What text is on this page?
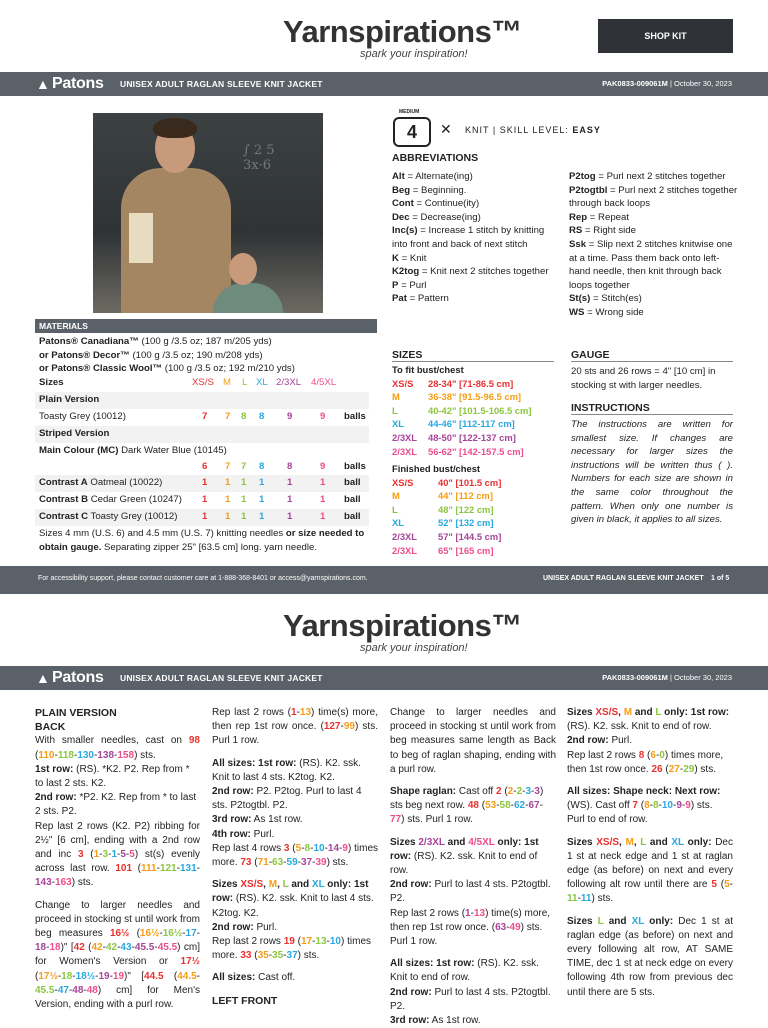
Yarnspirations™
spark your inspiration!
SHOP KIT
▲ Patons UNISEX ADULT RAGLAN SLEEVE KNIT JACKET	PAK0833-009061M | October 30, 2023
∫ 2 5
3x·6
MATERIALS
Patons® Canadiana™ (100 g /3.5 oz; 187 m/205 yds)
or Patons® Decor™ (100 g /3.5 oz; 190 m/208 yds)
or Patons® Classic Wool™ (100 g /3.5 oz; 192 m/210 yds)
Sizes	XS/S M L XL 2/3XL 4/5XL
Plain Version
Toasty Grey (10012)	7 7 8 8 9	9 balls
Striped Version
Main Colour (MC) Dark Water Blue (10145)
6 7 7 8 8	9 balls
Contrast A Oatmeal (10022)	1 1 1 1 1	1 ball
Contrast B Cedar Green (10247) 1 1 1 1 1	1 ball
Contrast C Toasty Grey (10012)	1 1 1 1 1	1 ball
Sizes 4 mm (U.S. 6) and 4.5 mm (U.S. 7) knitting needles or size needed to obtain gauge. Separating zipper 25" [63.5 cm] long. yarn needle.
MEDIUM
4	✕ KNIT | SKILL LEVEL: EASY
ABBREVIATIONS
Alt = Alternate(ing)
Beg = Beginning.
Cont = Continue(ity)
Dec = Decrease(ing)
Inc(s) = Increase 1 stitch by knitting into front and back of next stitch
K = Knit
K2tog = Knit next 2 stitches together
P = Purl
Pat = Pattern
P2tog = Purl next 2 stitches together
P2togtbl = Purl next 2 stitches together through back loops
Rep = Repeat
RS = Right side
Ssk = Slip next 2 stitches knitwise one at a time. Pass them back onto left-hand needle, then knit through back loops together
St(s) = Stitch(es)
WS = Wrong side
SIZES
To fit bust/chest
XS/S 28-34" [71-86.5 cm]
M	36-38" [91.5-96.5 cm]
L	40-42" [101.5-106.5 cm]
XL	44-46" [112-117 cm]
2/3XL 48-50" [122-137 cm]
2/3XL 56-62" [142-157.5 cm]
Finished bust/chest
XS/S	40" [101.5 cm]
M	44" [112 cm]
L	48" [122 cm]
XL	52" [132 cm]
2/3XL 57" [144.5 cm]
2/3XL 65" [165 cm]
GAUGE
20 sts and 26 rows = 4" [10 cm] in stocking st with larger needles.
INSTRUCTIONS
The instructions are written for smallest size. If changes are necessary for larger sizes the instructions will be written thus ( ). Numbers for each size are shown in the same color throughout the pattern. When only one number is given in black, it applies to all sizes.
For accessibility support, please contact customer care at 1-888-368-8401 or access@yarnspirations.com.	UNISEX ADULT RAGLAN SLEEVE KNIT JACKET 1 of 5
Yarnspirations™
spark your inspiration!
▲ Patons UNISEX ADULT RAGLAN SLEEVE KNIT JACKET	PAK0833-009061M | October 30, 2023
PLAIN VERSION
BACK
With smaller needles, cast on 98 (110-118-130-138-158) sts.
1st row: (RS). *K2. P2. Rep from * to last 2 sts. K2.
2nd row: *P2. K2. Rep from * to last 2 sts. P2.
Rep last 2 rows (K2. P2) ribbing for 2½" [6 cm], ending with a 2nd row and inc 3 (1-3-1-5-5) st(s) evenly across last row. 101 (111-121-131-143-163) sts.
Change to larger needles and proceed in stocking st until work from beg measures 16½ (16½-16½-17-18-18)" [42 (42-42-43-45.5-45.5) cm] for Women's Version or 17½ (17½-18-18½-19-19)" [44.5 (44.5-45.5-47-48-48) cm] for Men's Version, ending with a purl row.
Rep last 2 rows (1-13) time(s) more, then rep 1st row once. (127-99) sts. Purl 1 row.
All sizes: 1st row: (RS). K2. ssk. Knit to last 4 sts. K2tog. K2.
2nd row: P2. P2tog. Purl to last 4 sts. P2togtbl. P2.
3rd row: As 1st row.
4th row: Purl.
Rep last 4 rows 3 (5-8-10-14-9) times more. 73 (71-63-59-37-39) sts.
Sizes XS/S, M, L and XL only: 1st row: (RS). K2. ssk. Knit to last 4 sts. K2tog. K2.
2nd row: Purl.
Rep last 2 rows 19 (17-13-10) times more. 33 (35-35-37) sts.
All sizes: Cast off.
LEFT FRONT
Change to larger needles and proceed in stocking st until work from beg measures same length as Back to beg of raglan shaping, ending with a purl row.
Shape raglan: Cast off 2 (2-2-3-3) sts beg next row. 48 (53-58-62-67-77) sts. Purl 1 row.
Sizes 2/3XL and 4/5XL only: 1st row: (RS). K2. ssk. Knit to end of row.
2nd row: Purl to last 4 sts. P2togtbl. P2.
Rep last 2 rows (1-13) time(s) more, then rep 1st row once. (63-49) sts. Purl 1 row.
All sizes: 1st row: (RS). K2. ssk. Knit to end of row.
2nd row: Purl to last 4 sts. P2togtbl. P2.
3rd row: As 1st row.
Sizes XS/S, M and L only: 1st row: (RS). K2. ssk. Knit to end of row.
2nd row: Purl.
Rep last 2 rows 8 (6-0) times more, then 1st row once. 26 (27-29) sts.
All sizes: Shape neck: Next row: (WS). Cast off 7 (8-8-10-9-9) sts. Purl to end of row.
Sizes XS/S, M, L and XL only: Dec 1 st at neck edge and 1 st at raglan edge (as before) on next and every following alt row until there are 5 (5-11-11) sts.
Sizes L and XL only: Dec 1 st at raglan edge (as before) on next and every following alt row, AT SAME TIME, dec 1 st at neck edge on every following 4th row from previous dec until there are 5 sts.
